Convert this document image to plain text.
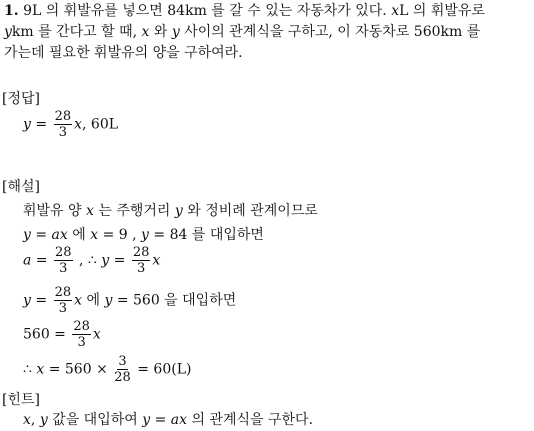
1. 9L 의 휘발유를 넣으면 84km 를 갈 수 있는 자동차가 있다. xL 의 휘발유로
ykm 를 간다고 할 때, x 와 y 사이의 관계식을 구하고, 이 자동차로 560km 를
가는데 필요한 휘발유의 양을 구하여라.
[정답]
$y = \frac{28}{3} x$, 60L
[해설]
휘발유 양 x 는 주행거리 y 와 정비례 관계이므로
y = ax 에 x = 9 , y = 84 를 대입하면
$a = \frac{28}{3}$ , ∴ $y = \frac{28}{3}$ x
$y = \frac{28}{3}$ x 에 y = 560 을 대입하면
$560 = \frac{28}{3}$ x
∴ $x = 560 \times \frac{3}{28} = 60(L)$
[힌트]
x, y 값을 대입하여 y = ax 의 관계식을 구한다.
